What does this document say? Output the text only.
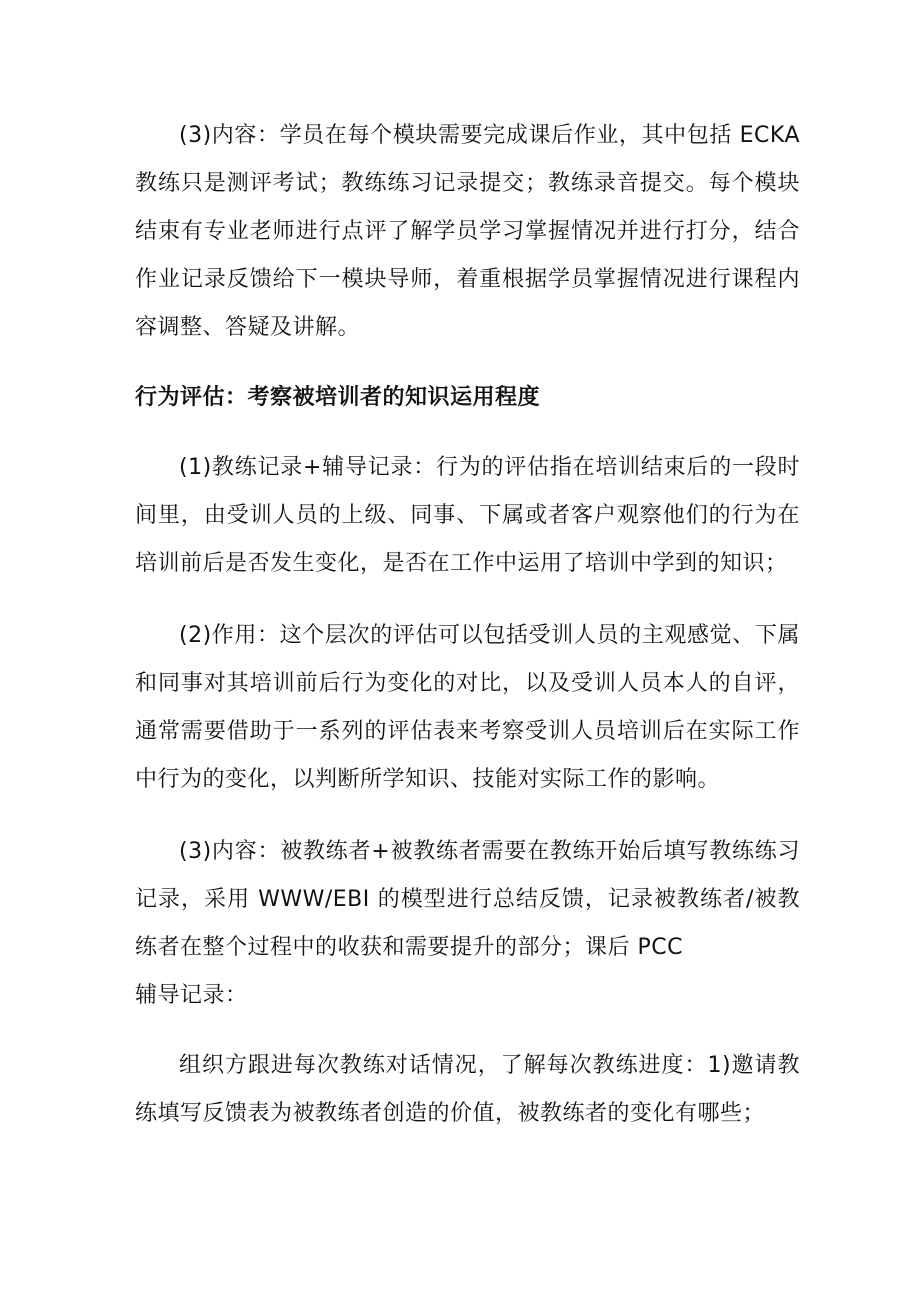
(3)内容：学员在每个模块需要完成课后作业，其中包括 ECKA 教练只是测评考试；教练练习记录提交；教练录音提交。每个模块结束有专业老师进行点评了解学员学习掌握情况并进行打分，结合作业记录反馈给下一模块导师，着重根据学员掌握情况进行课程内容调整、答疑及讲解。

行为评估：考察被培训者的知识运用程度

(1)教练记录+辅导记录：行为的评估指在培训结束后的一段时间里，由受训人员的上级、同事、下属或者客户观察他们的行为在培训前后是否发生变化，是否在工作中运用了培训中学到的知识；

(2)作用：这个层次的评估可以包括受训人员的主观感觉、下属和同事对其培训前后行为变化的对比，以及受训人员本人的自评，通常需要借助于一系列的评估表来考察受训人员培训后在实际工作中行为的变化，以判断所学知识、技能对实际工作的影响。

(3)内容：被教练者+被教练者需要在教练开始后填写教练练习记录，采用 WWW/EBI 的模型进行总结反馈，记录被教练者/被教练者在整个过程中的收获和需要提升的部分；课后 PCC

辅导记录：

组织方跟进每次教练对话情况，了解每次教练进度：1)邀请教练填写反馈表为被教练者创造的价值，被教练者的变化有哪些；
